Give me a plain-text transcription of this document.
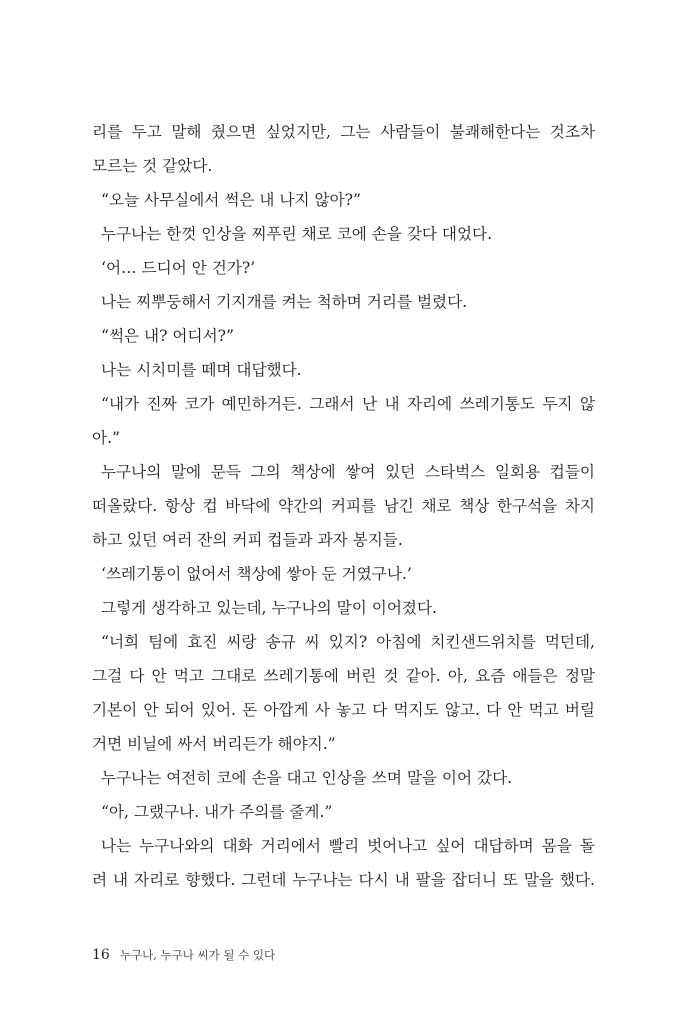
리를 두고 말해 줬으면 싶었지만, 그는 사람들이 불쾌해한다는 것조차
모르는 것 같았다.
“오늘 사무실에서 썩은 내 나지 않아?”
누구나는 한껏 인상을 찌푸린 채로 코에 손을 갖다 대었다.
‘어… 드디어 안 건가?’
나는 찌뿌둥해서 기지개를 켜는 척하며 거리를 벌렸다.
“썩은 내? 어디서?”
나는 시치미를 떼며 대답했다.
“내가 진짜 코가 예민하거든. 그래서 난 내 자리에 쓰레기통도 두지 않
아.”
누구나의 말에 문득 그의 책상에 쌓여 있던 스타벅스 일회용 컵들이
떠올랐다. 항상 컵 바닥에 약간의 커피를 남긴 채로 책상 한구석을 차지
하고 있던 여러 잔의 커피 컵들과 과자 봉지들.
‘쓰레기통이 없어서 책상에 쌓아 둔 거였구나.’
그렇게 생각하고 있는데, 누구나의 말이 이어졌다.
“너희 팀에 효진 씨랑 송규 씨 있지? 아침에 치킨샌드위치를 먹던데,
그걸 다 안 먹고 그대로 쓰레기통에 버린 것 같아. 아, 요즘 애들은 정말
기본이 안 되어 있어. 돈 아깝게 사 놓고 다 먹지도 않고. 다 안 먹고 버릴
거면 비닐에 싸서 버리든가 해야지.”
누구나는 여전히 코에 손을 대고 인상을 쓰며 말을 이어 갔다.
“아, 그랬구나. 내가 주의를 줄게.”
나는 누구나와의 대화 거리에서 빨리 벗어나고 싶어 대답하며 몸을 돌
려 내 자리로 향했다. 그런데 누구나는 다시 내 팔을 잡더니 또 말을 했다.
16 누구나, 누구나 씨가 될 수 있다
